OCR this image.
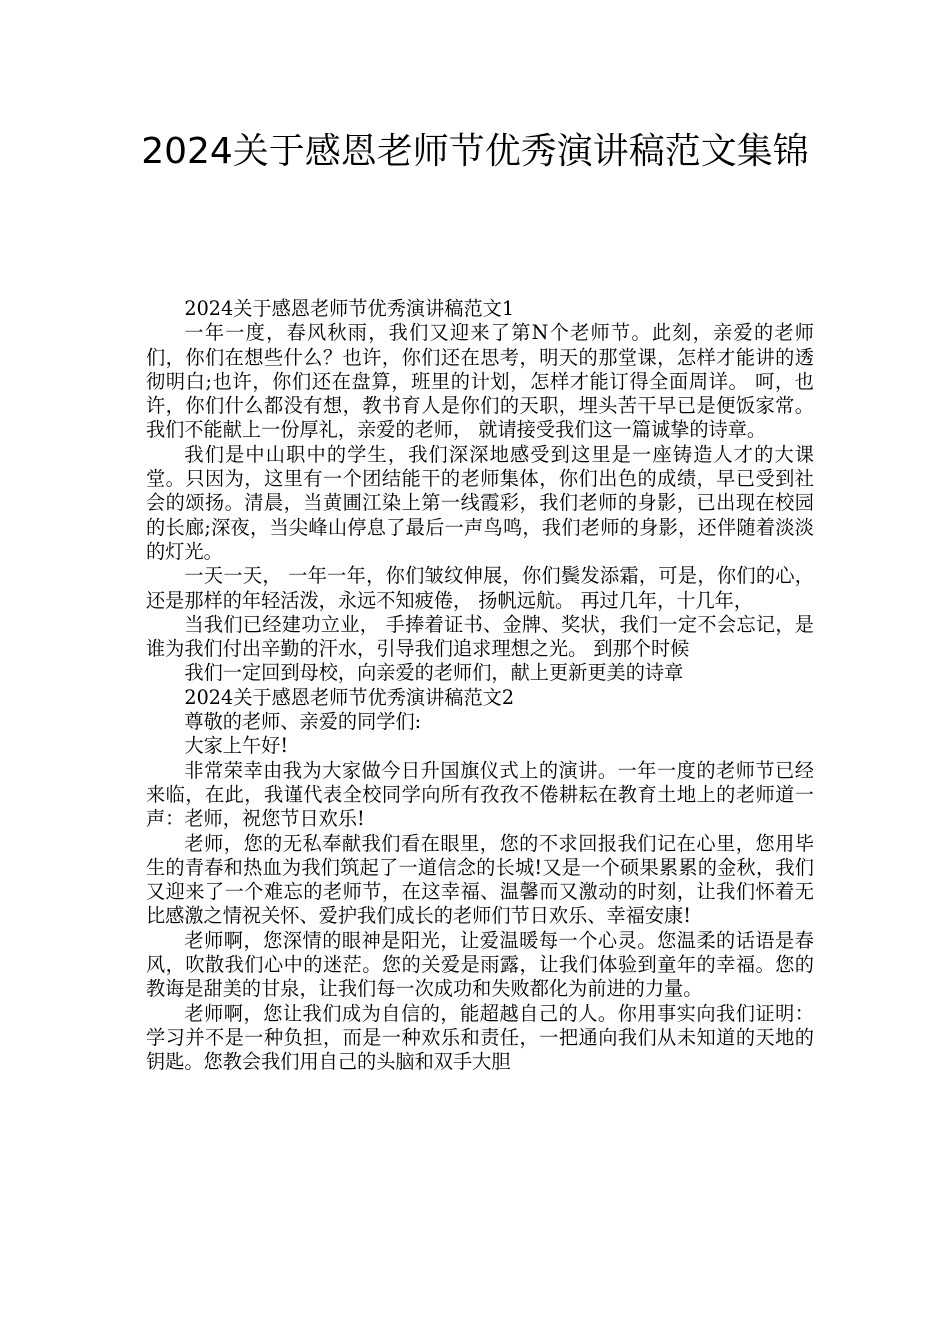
2024关于感恩老师节优秀演讲稿范文集锦

2024关于感恩老师节优秀演讲稿范文1

一年一度，春风秋雨，我们又迎来了第N个老师节。此刻，亲爱的老师们，你们在想些什么？也许，你们还在思考，明天的那堂课，怎样才能讲的透彻明白;也许，你们还在盘算，班里的计划，怎样才能订得全面周详。 呵，也许，你们什么都没有想，教书育人是你们的天职，埋头苦干早已是便饭家常。我们不能献上一份厚礼，亲爱的老师， 就请接受我们这一篇诚挚的诗章。

我们是中山职中的学生，我们深深地感受到这里是一座铸造人才的大课堂。只因为，这里有一个团结能干的老师集体，你们出色的成绩，早已受到社会的颂扬。清晨，当黄圃江染上第一线霞彩，我们老师的身影，已出现在校园的长廊;深夜，当尖峰山停息了最后一声鸟鸣，我们老师的身影，还伴随着淡淡的灯光。

一天一天， 一年一年，你们皱纹伸展，你们鬓发添霜，可是，你们的心，还是那样的年轻活泼，永远不知疲倦， 扬帆远航。 再过几年，十几年，

当我们已经建功立业， 手捧着证书、金牌、奖状，我们一定不会忘记，是谁为我们付出辛勤的汗水，引导我们追求理想之光。 到那个时候

我们一定回到母校，向亲爱的老师们，献上更新更美的诗章

2024关于感恩老师节优秀演讲稿范文2

尊敬的老师、亲爱的同学们:

大家上午好!

非常荣幸由我为大家做今日升国旗仪式上的演讲。一年一度的老师节已经来临，在此，我谨代表全校同学向所有孜孜不倦耕耘在教育土地上的老师道一声：老师，祝您节日欢乐!

老师，您的无私奉献我们看在眼里，您的不求回报我们记在心里，您用毕生的青春和热血为我们筑起了一道信念的长城!又是一个硕果累累的金秋，我们又迎来了一个难忘的老师节，在这幸福、温馨而又激动的时刻，让我们怀着无比感激之情祝关怀、爱护我们成长的老师们节日欢乐、幸福安康!

老师啊，您深情的眼神是阳光，让爱温暖每一个心灵。您温柔的话语是春风，吹散我们心中的迷茫。您的关爱是雨露，让我们体验到童年的幸福。您的教诲是甜美的甘泉，让我们每一次成功和失败都化为前进的力量。

老师啊，您让我们成为自信的，能超越自己的人。你用事实向我们证明：学习并不是一种负担，而是一种欢乐和责任，一把通向我们从未知道的天地的钥匙。您教会我们用自己的头脑和双手大胆
